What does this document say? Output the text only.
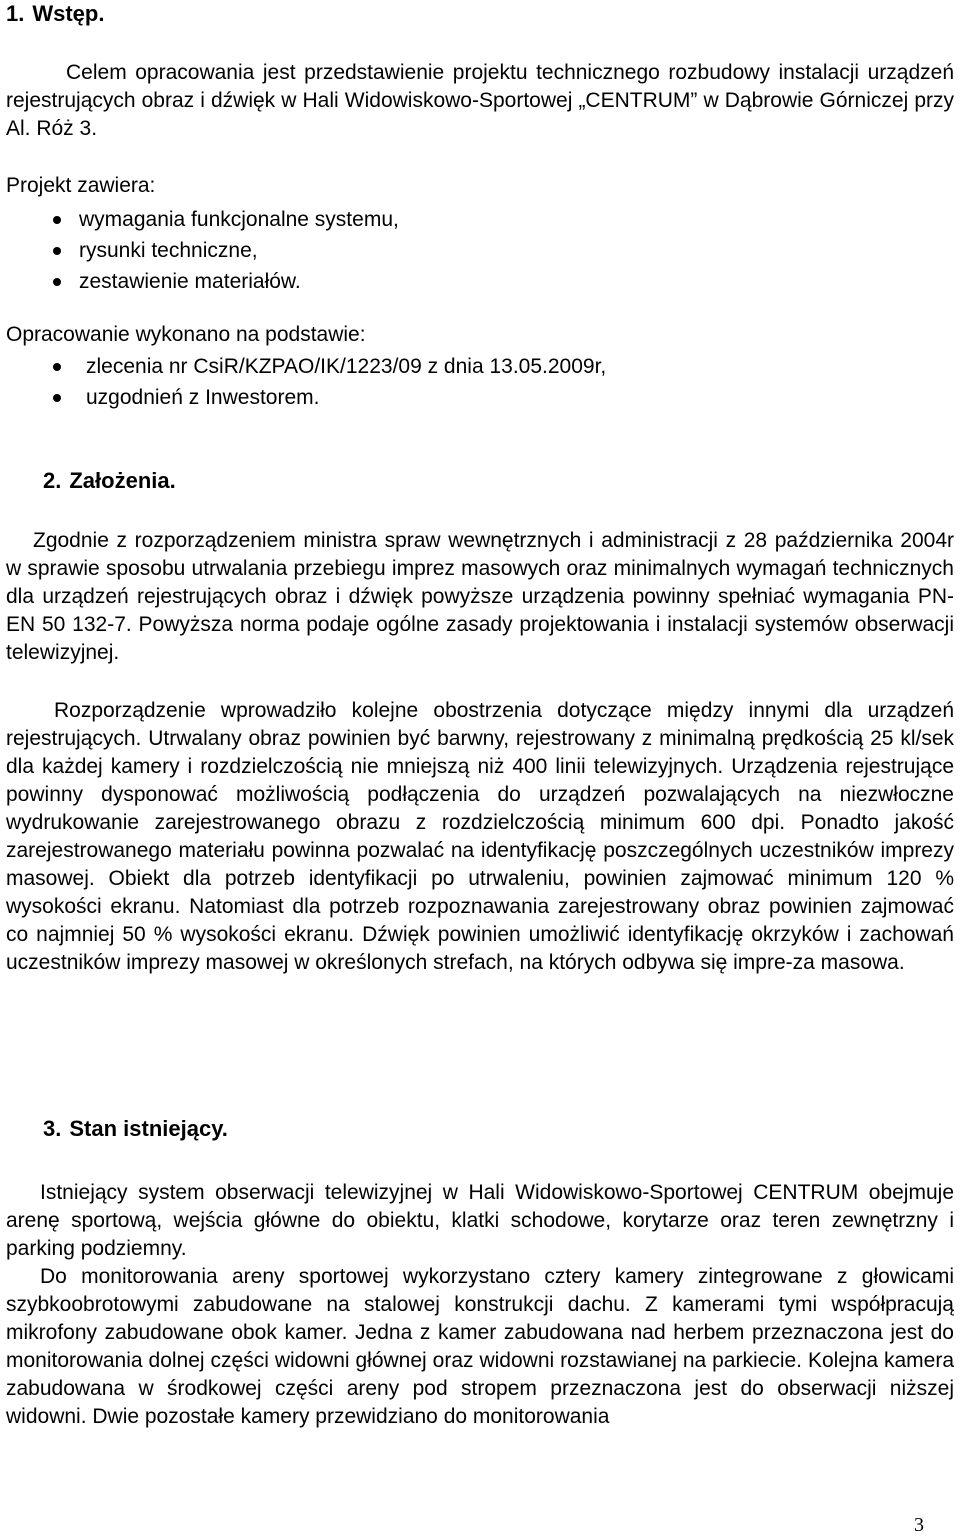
1. Wstęp.

Celem opracowania jest przedstawienie projektu technicznego rozbudowy instalacji urządzeń rejestrujących obraz i dźwięk w Hali Widowiskowo-Sportowej „CENTRUM” w Dąbrowie Górniczej przy Al. Róż 3.

Projekt zawiera:

wymagania funkcjonalne systemu,
rysunki techniczne,
zestawienie materiałów.

Opracowanie wykonano na podstawie:

zlecenia nr CsiR/KZPAO/IK/1223/09 z dnia 13.05.2009r,
uzgodnień z Inwestorem.
2. Założenia.

Zgodnie z rozporządzeniem ministra spraw wewnętrznych i administracji z 28 października 2004r w sprawie sposobu utrwalania przebiegu imprez masowych oraz minimalnych wymagań technicznych dla urządzeń rejestrujących obraz i dźwięk powyższe urządzenia powinny spełniać wymagania PN-EN 50 132-7. Powyższa norma podaje ogólne zasady projektowania i instalacji systemów obserwacji telewizyjnej.

Rozporządzenie wprowadziło kolejne obostrzenia dotyczące między innymi dla urządzeń rejestrujących. Utrwalany obraz powinien być barwny, rejestrowany z minimalną prędkością 25 kl/sek dla każdej kamery i rozdzielczością nie mniejszą niż 400 linii telewizyjnych. Urządzenia rejestrujące powinny dysponować możliwością podłączenia do urządzeń pozwalających na niezwłoczne wydrukowanie zarejestrowanego obrazu z rozdzielczością minimum 600 dpi. Ponadto jakość zarejestrowanego materiału powinna pozwalać na identyfikację poszczególnych uczestników imprezy masowej. Obiekt dla potrzeb identyfikacji po utrwaleniu, powinien zajmować minimum 120 % wysokości ekranu. Natomiast dla potrzeb rozpoznawania zarejestrowany obraz powinien zajmować co najmniej 50 % wysokości ekranu. Dźwięk powinien umożliwić identyfikację okrzyków i zachowań uczestników imprezy masowej w określonych strefach, na których odbywa się impre-za masowa.

3. Stan istniejący.

Istniejący system obserwacji telewizyjnej w Hali Widowiskowo-Sportowej CENTRUM obejmuje arenę sportową, wejścia główne do obiektu, klatki schodowe, korytarze oraz teren zewnętrzny i parking podziemny.

Do monitorowania areny sportowej wykorzystano cztery kamery zintegrowane z głowicami szybkoobrotowymi zabudowane na stalowej konstrukcji dachu. Z kamerami tymi współpracują mikrofony zabudowane obok kamer. Jedna z kamer zabudowana nad herbem przeznaczona jest do monitorowania dolnej części widowni głównej oraz widowni rozstawianej na parkiecie. Kolejna kamera zabudowana w środkowej części areny pod stropem przeznaczona jest do obserwacji niższej widowni. Dwie pozostałe kamery przewidziano do monitorowania

3
